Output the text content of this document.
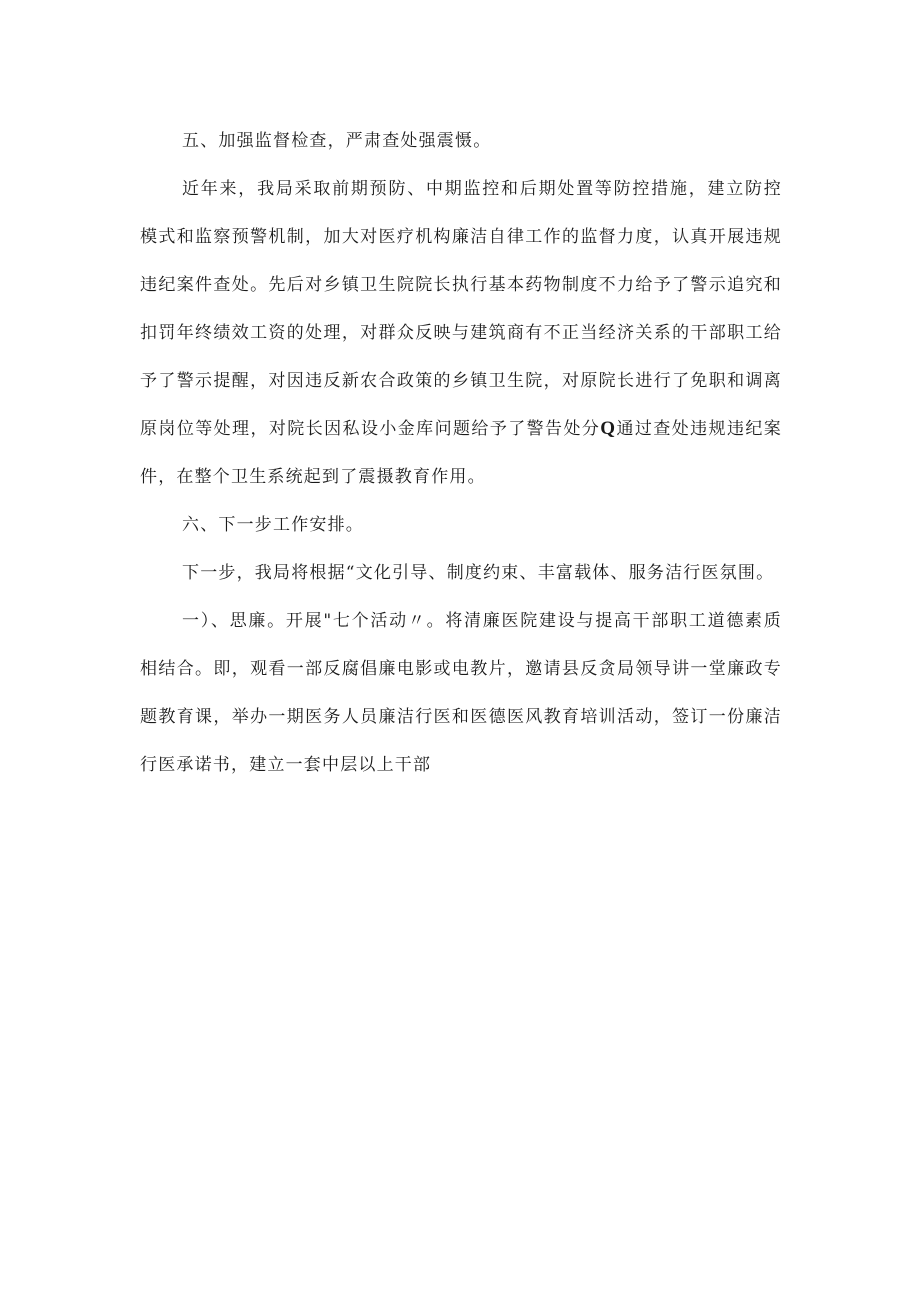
五、加强监督检查，严肃查处强震慑。

近年来，我局采取前期预防、中期监控和后期处置等防控措施，建立防控模式和监察预警机制，加大对医疗机构廉洁自律工作的监督力度，认真开展违规违纪案件查处。先后对乡镇卫生院院长执行基本药物制度不力给予了警示追究和扣罚年终绩效工资的处理，对群众反映与建筑商有不正当经济关系的干部职工给予了警示提醒，对因违反新农合政策的乡镇卫生院，对原院长进行了免职和调离原岗位等处理，对院长因私设小金库问题给予了警告处分Q通过查处违规违纪案件，在整个卫生系统起到了震摄教育作用。

六、下一步工作安排。

下一步，我局将根据“文化引导、制度约束、丰富载体、服务洁行医氛围。

一）、思廉。开展"七个活动〃。将清廉医院建设与提高干部职工道德素质相结合。即，观看一部反腐倡廉电影或电教片，邀请县反贪局领导讲一堂廉政专题教育课，举办一期医务人员廉洁行医和医德医风教育培训活动，签订一份廉洁行医承诺书，建立一套中层以上干部
